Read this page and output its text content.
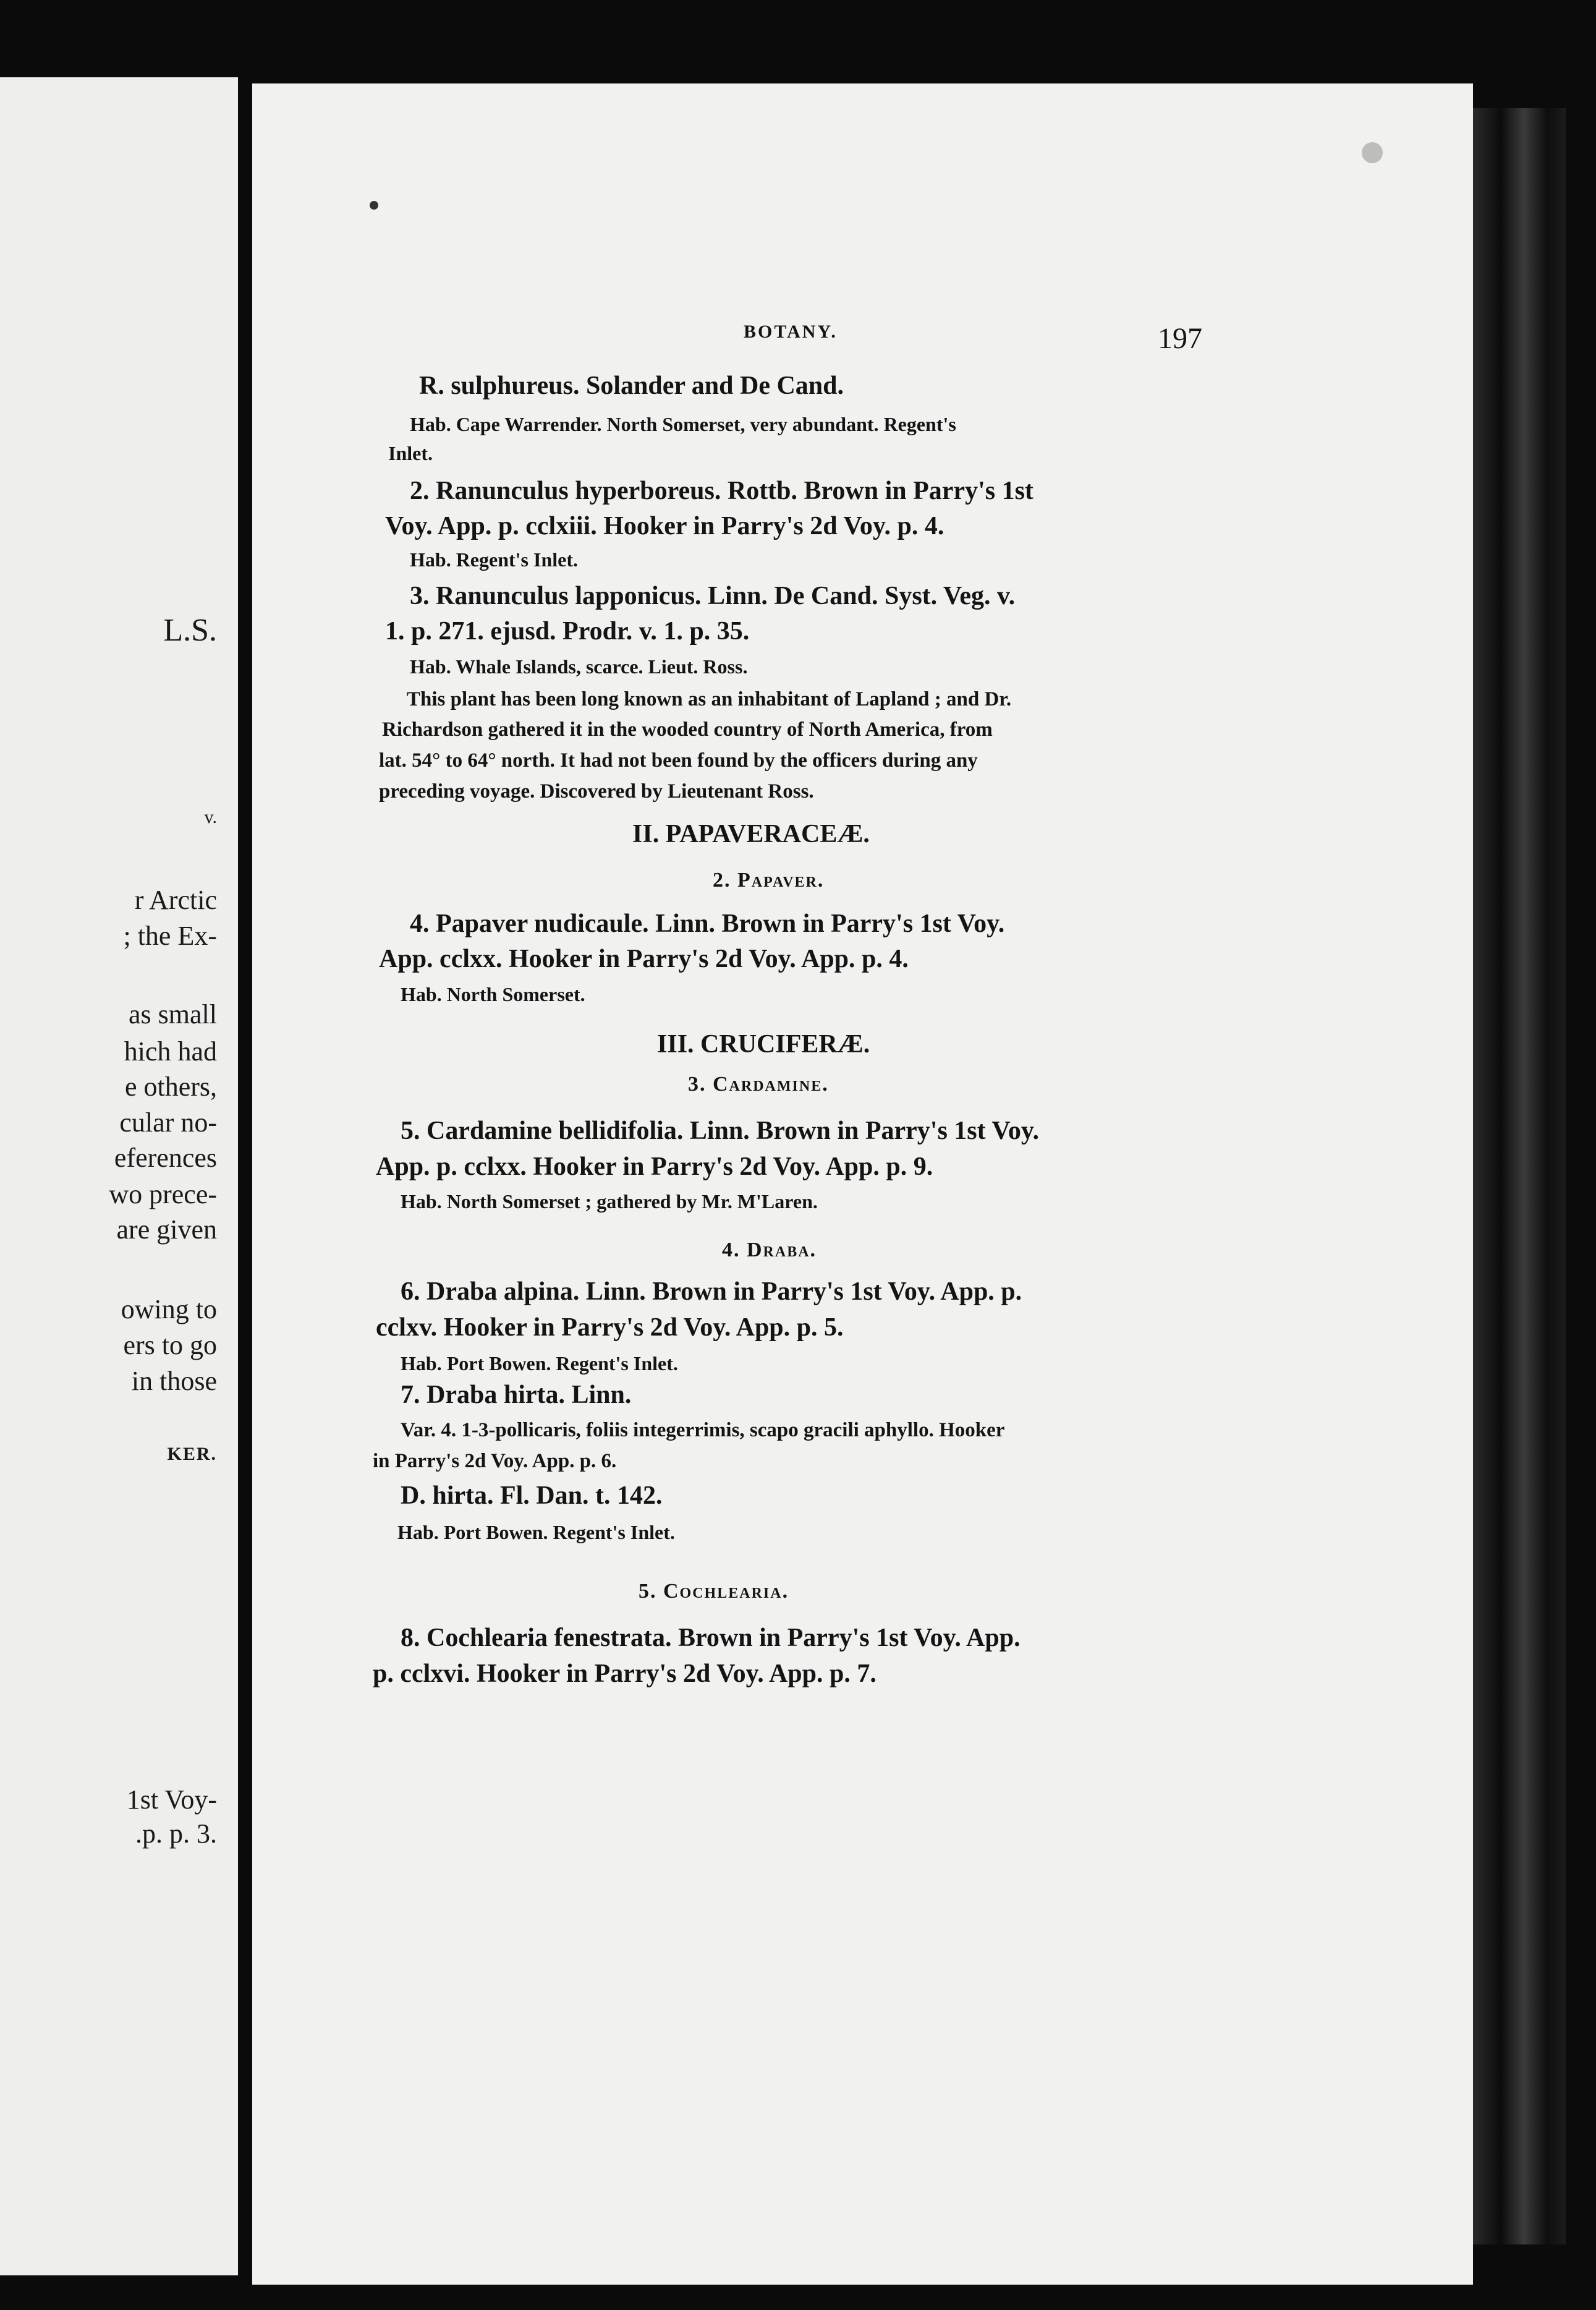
L.S.
v.
r Arctic
; the Ex-
as small
hich had
e others,
cular no-
eferences
wo prece-
are given
owing to
ers to go
in those
1st Voy-
.p. p. 3.
KER.
BOTANY.	197
R. sulphureus. Solander and De Cand.
Hab. Cape Warrender. North Somerset, very abundant. Regent's
Inlet.
2. Ranunculus hyperboreus. Rottb. Brown in Parry's 1st
Voy. App. p. cclxiii. Hooker in Parry's 2d Voy. p. 4.
Hab. Regent's Inlet.
3. Ranunculus lapponicus. Linn. De Cand. Syst. Veg. v.
1. p. 271. ejusd. Prodr. v. 1. p. 35.
Hab. Whale Islands, scarce. Lieut. Ross.
This plant has been long known as an inhabitant of Lapland ; and Dr.
Richardson gathered it in the wooded country of North America, from
lat. 54° to 64° north. It had not been found by the officers during any
preceding voyage. Discovered by Lieutenant Ross.
II. PAPAVERACEÆ.
2. Papaver.
4. Papaver nudicaule. Linn. Brown in Parry's 1st Voy.
App. cclxx. Hooker in Parry's 2d Voy. App. p. 4.
Hab. North Somerset.
III. CRUCIFERÆ.
3. Cardamine.
5. Cardamine bellidifolia. Linn. Brown in Parry's 1st Voy.
App. p. cclxx. Hooker in Parry's 2d Voy. App. p. 9.
Hab. North Somerset ; gathered by Mr. M'Laren.
4. Draba.
6. Draba alpina. Linn. Brown in Parry's 1st Voy. App. p.
cclxv. Hooker in Parry's 2d Voy. App. p. 5.
Hab. Port Bowen. Regent's Inlet.
7. Draba hirta. Linn.
Var. 4. 1-3-pollicaris, foliis integerrimis, scapo gracili aphyllo. Hooker
in Parry's 2d Voy. App. p. 6.
D. hirta. Fl. Dan. t. 142.
Hab. Port Bowen. Regent's Inlet.
5. Cochlearia.
8. Cochlearia fenestrata. Brown in Parry's 1st Voy. App.
p. cclxvi. Hooker in Parry's 2d Voy. App. p. 7.
